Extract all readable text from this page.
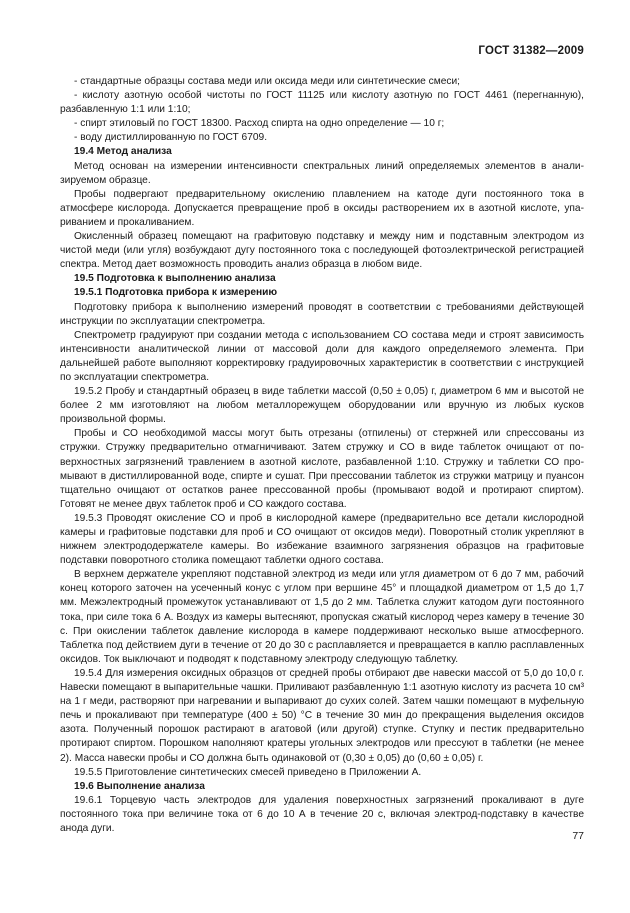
ГОСТ 31382—2009

- стандартные образцы состава меди или оксида меди или синтетические смеси;

- кислоту азотную особой чистоты по ГОСТ 11125 или кислоту азотную по ГОСТ 4461 (перегнанную), разбавленную 1:1 или 1:10;

- спирт этиловый по ГОСТ 18300. Расход спирта на одно определение — 10 г;

- воду дистиллированную по ГОСТ 6709.

19.4 Метод анализа

Метод основан на измерении интенсивности спектральных линий определяемых элементов в анализируемом образце.

Пробы подвергают предварительному окислению плавлением на катоде дуги постоянного тока в атмосфере кислорода. Допускается превращение проб в оксиды растворением их в азотной кислоте, упариванием и прокаливанием.

Окисленный образец помещают на графитовую подставку и между ним и подставным электродом из чистой меди (или угля) возбуждают дугу постоянного тока с последующей фотоэлектрической регистрацией спектра. Метод дает возможность проводить анализ образца в любом виде.

19.5 Подготовка к выполнению анализа

19.5.1 Подготовка прибора к измерению

Подготовку прибора к выполнению измерений проводят в соответствии с требованиями действующей инструкции по эксплуатации спектрометра.

Спектрометр градуируют при создании метода с использованием СО состава меди и строят зависимость интенсивности аналитической линии от массовой доли для каждого определяемого элемента. При дальнейшей работе выполняют корректировку градуировочных характеристик в соответствии с инструкцией по эксплуатации спектрометра.

19.5.2 Пробу и стандартный образец в виде таблетки массой (0,50 ± 0,05) г, диаметром 6 мм и высотой не более 2 мм изготовляют на любом металлорежущем оборудовании или вручную из любых кусков произвольной формы.

Пробы и СО необходимой массы могут быть отрезаны (отпилены) от стержней или спрессованы из стружки. Стружку предварительно отмагничивают. Затем стружку и СО в виде таблеток очищают от поверхностных загрязнений травлением в азотной кислоте, разбавленной 1:10. Стружку и таблетки СО промывают в дистиллированной воде, спирте и сушат. При прессовании таблеток из стружки матрицу и пуансон тщательно очищают от остатков ранее прессованной пробы (промывают водой и протирают спиртом). Готовят не менее двух таблеток проб и СО каждого состава.

19.5.3 Проводят окисление СО и проб в кислородной камере (предварительно все детали кислородной камеры и графитовые подставки для проб и СО очищают от оксидов меди). Поворотный столик укрепляют в нижнем электрододержателе камеры. Во избежание взаимного загрязнения образцов на графитовые подставки поворотного столика помещают таблетки одного состава.

В верхнем держателе укрепляют подставной электрод из меди или угля диаметром от 6 до 7 мм, рабочий конец которого заточен на усеченный конус с углом при вершине 45° и площадкой диаметром от 1,5 до 1,7 мм. Межэлектродный промежуток устанавливают от 1,5 до 2 мм. Таблетка служит катодом дуги постоянного тока, при силе тока 6 А. Воздух из камеры вытесняют, пропуская сжатый кислород через камеру в течение 30 с. При окислении таблеток давление кислорода в камере поддерживают несколько выше атмосферного. Таблетка под действием дуги в течение от 20 до 30 с расплавляется и превращается в каплю расплавленных оксидов. Ток выключают и подводят к подставному электроду следующую таблетку.

19.5.4 Для измерения оксидных образцов от средней пробы отбирают две навески массой от 5,0 до 10,0 г. Навески помещают в выпарительные чашки. Приливают разбавленную 1:1 азотную кислоту из расчета 10 см³ на 1 г меди, растворяют при нагревании и выпаривают до сухих солей. Затем чашки помещают в муфельную печь и прокаливают при температуре (400 ± 50) °С в течение 30 мин до прекращения выделения оксидов азота. Полученный порошок растирают в агатовой (или другой) ступке. Ступку и пестик предварительно протирают спиртом. Порошком наполняют кратеры угольных электродов или прессуют в таблетки (не менее 2). Масса навески пробы и СО должна быть одинаковой от (0,30 ± 0,05) до (0,60 ± 0,05) г.

19.5.5 Приготовление синтетических смесей приведено в Приложении А.

19.6 Выполнение анализа

19.6.1 Торцевую часть электродов для удаления поверхностных загрязнений прокаливают в дуге постоянного тока при величине тока от 6 до 10 А в течение 20 с, включая электрод-подставку в качестве анода дуги.

77
